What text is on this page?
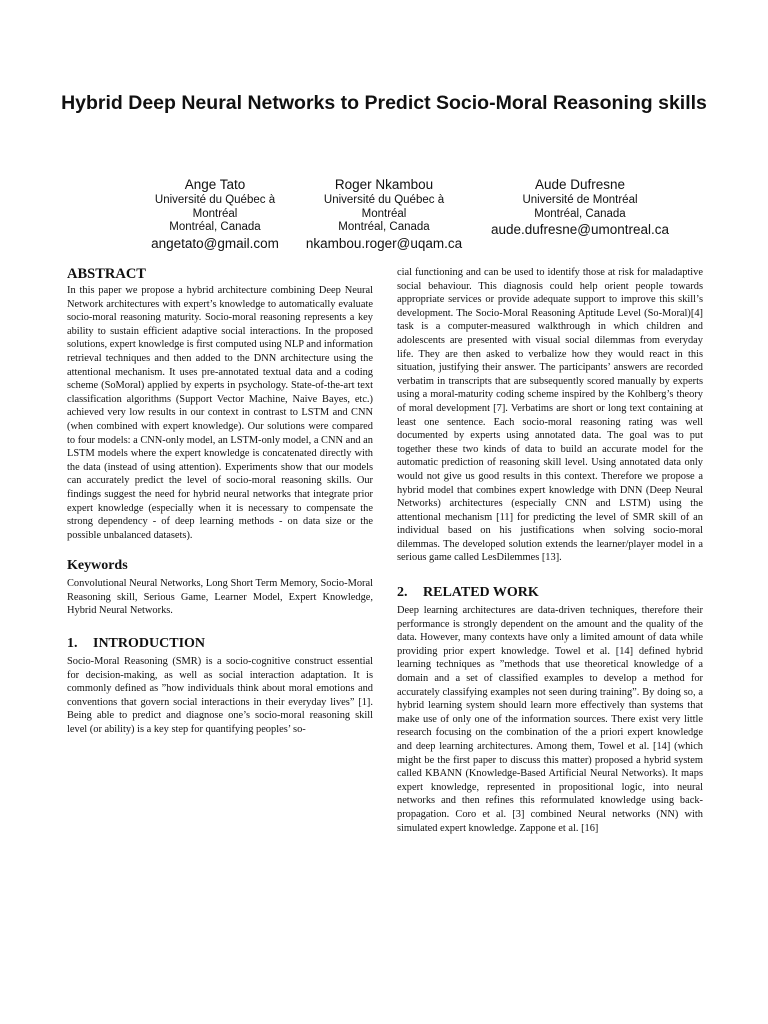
Hybrid Deep Neural Networks to Predict Socio-Moral Reasoning skills
Ange Tato
Université du Québec à
Montréal
Montréal, Canada
angetato@gmail.com
Roger Nkambou
Université du Québec à
Montréal
Montréal, Canada
nkambou.roger@uqam.ca
Aude Dufresne
Université de Montréal
Montréal, Canada
aude.dufresne@umontreal.ca
ABSTRACT

In this paper we propose a hybrid architecture combining Deep Neural Network architectures with expert’s knowledge to automatically evaluate socio-moral reasoning maturity. Socio-moral reasoning represents a key ability to sustain efficient adaptive social interactions. In the proposed solutions, expert knowledge is first computed using NLP and information retrieval techniques and then added to the DNN architecture using the attentional mechanism. It uses pre-annotated textual data and a coding scheme (SoMoral) applied by experts in psychology. State-of-the-art text classification algorithms (Support Vector Machine, Naive Bayes, etc.) achieved very low results in our context in contrast to LSTM and CNN (when combined with expert knowledge). Our solutions were compared to four models: a CNN-only model, an LSTM-only model, a CNN and an LSTM models where the expert knowledge is concatenated directly with the data (instead of using attention). Experiments show that our models can accurately predict the level of socio-moral reasoning skills. Our findings suggest the need for hybrid neural networks that integrate prior expert knowledge (especially when it is necessary to compensate the strong dependency - of deep learning methods - on data size or the possible unbalanced datasets).

Keywords

Convolutional Neural Networks, Long Short Term Memory, Socio-Moral Reasoning skill, Serious Game, Learner Model, Expert Knowledge, Hybrid Neural Networks.

1. INTRODUCTION

Socio-Moral Reasoning (SMR) is a socio-cognitive construct essential for decision-making, as well as social interaction adaptation. It is commonly defined as ”how individuals think about moral emotions and conventions that govern social interactions in their everyday lives” [1]. Being able to predict and diagnose one’s socio-moral reasoning skill level (or ability) is a key step for quantifying peoples’ so-

cial functioning and can be used to identify those at risk for maladaptive social behaviour. This diagnosis could help orient people towards appropriate services or provide adequate support to improve this skill’s development. The Socio-Moral Reasoning Aptitude Level (So-Moral)[4] task is a computer-measured walkthrough in which children and adolescents are presented with visual social dilemmas from everyday life. They are then asked to verbalize how they would react in this situation, justifying their answer. The participants’ answers are recorded verbatim in transcripts that are subsequently scored manually by experts using a moral-maturity coding scheme inspired by the Kohlberg’s theory of moral development [7]. Verbatims are short or long text containing at least one sentence. Each socio-moral reasoning rating was well documented by experts using annotated data. The goal was to put together these two kinds of data to build an accurate model for the automatic prediction of reasoning skill level. Using annotated data only would not give us good results in this context. Therefore we propose a hybrid model that combines expert knowledge with DNN (Deep Neural Networks) architectures (especially CNN and LSTM) using the attentional mechanism [11] for predicting the level of SMR skill of an individual based on his justifications when solving socio-moral dilemmas. The developed solution extends the learner/player model in a serious game called LesDilemmes [13].

2. RELATED WORK

Deep learning architectures are data-driven techniques, therefore their performance is strongly dependent on the amount and the quality of the data. However, many contexts have only a limited amount of data while providing prior expert knowledge. Towel et al. [14] defined hybrid learning techniques as ”methods that use theoretical knowledge of a domain and a set of classified examples to develop a method for accurately classifying examples not seen during training”. By doing so, a hybrid learning system should learn more effectively than systems that make use of only one of the information sources. There exist very little research focusing on the combination of the a priori expert knowledge and deep learning architectures. Among them, Towel et al. [14] (which might be the first paper to discuss this matter) proposed a hybrid system called KBANN (Knowledge-Based Artificial Neural Networks). It maps expert knowledge, represented in propositional logic, into neural networks and then refines this reformulated knowledge using back-propagation. Coro et al. [3] combined Neural networks (NN) with simulated expert knowledge. Zappone et al. [16]
